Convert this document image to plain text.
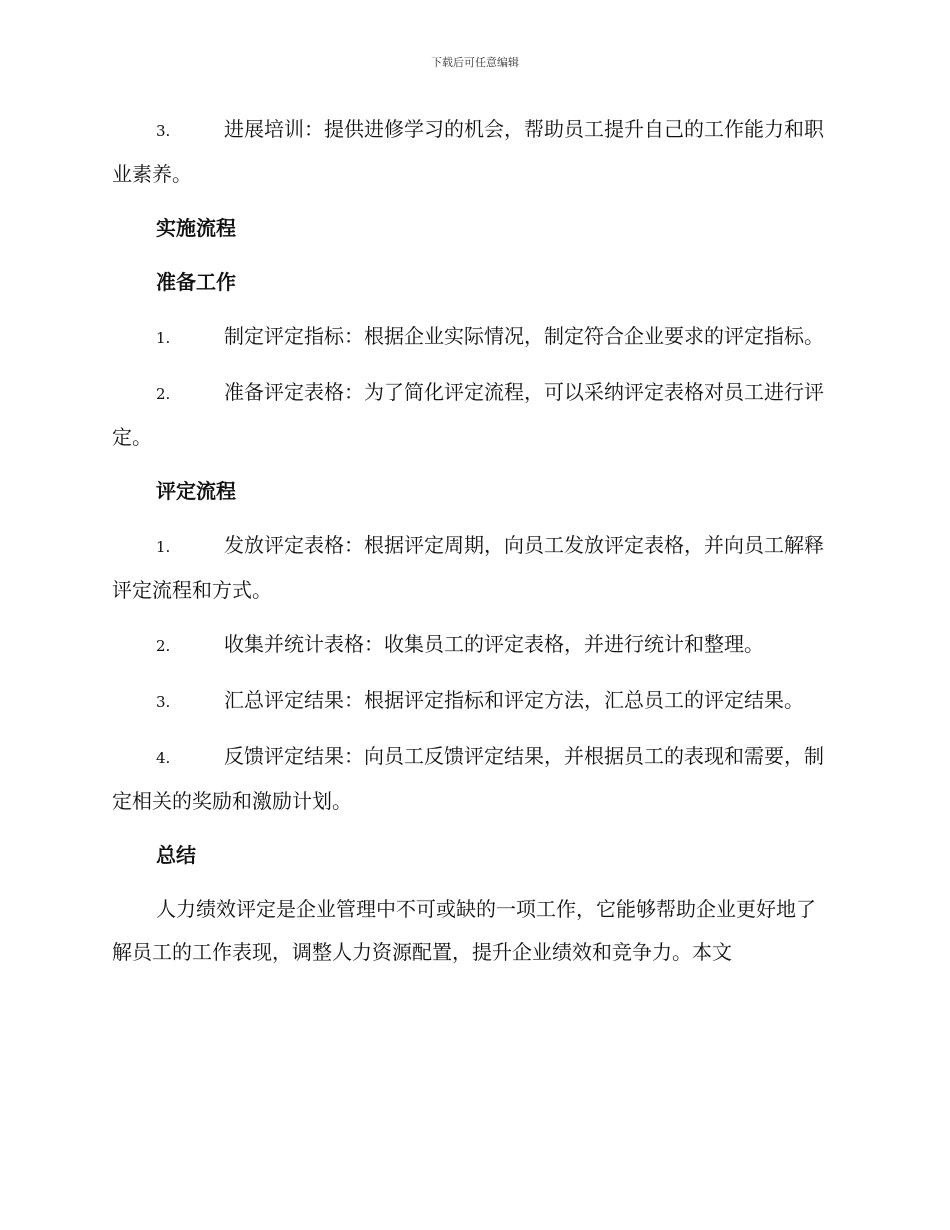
下载后可任意编辑

3.	进展培训：提供进修学习的机会，帮助员工提升自己的工作能力和职业素养。

实施流程
准备工作

1.	制定评定指标：根据企业实际情况，制定符合企业要求的评定指标。

2.	准备评定表格：为了简化评定流程，可以采纳评定表格对员工进行评定。

评定流程

1.	发放评定表格：根据评定周期，向员工发放评定表格，并向员工解释评定流程和方式。

2.	收集并统计表格：收集员工的评定表格，并进行统计和整理。

3.	汇总评定结果：根据评定指标和评定方法，汇总员工的评定结果。

4.	反馈评定结果：向员工反馈评定结果，并根据员工的表现和需要，制定相关的奖励和激励计划。

总结

人力绩效评定是企业管理中不可或缺的一项工作，它能够帮助企业更好地了解员工的工作表现，调整人力资源配置，提升企业绩效和竞争力。本文
